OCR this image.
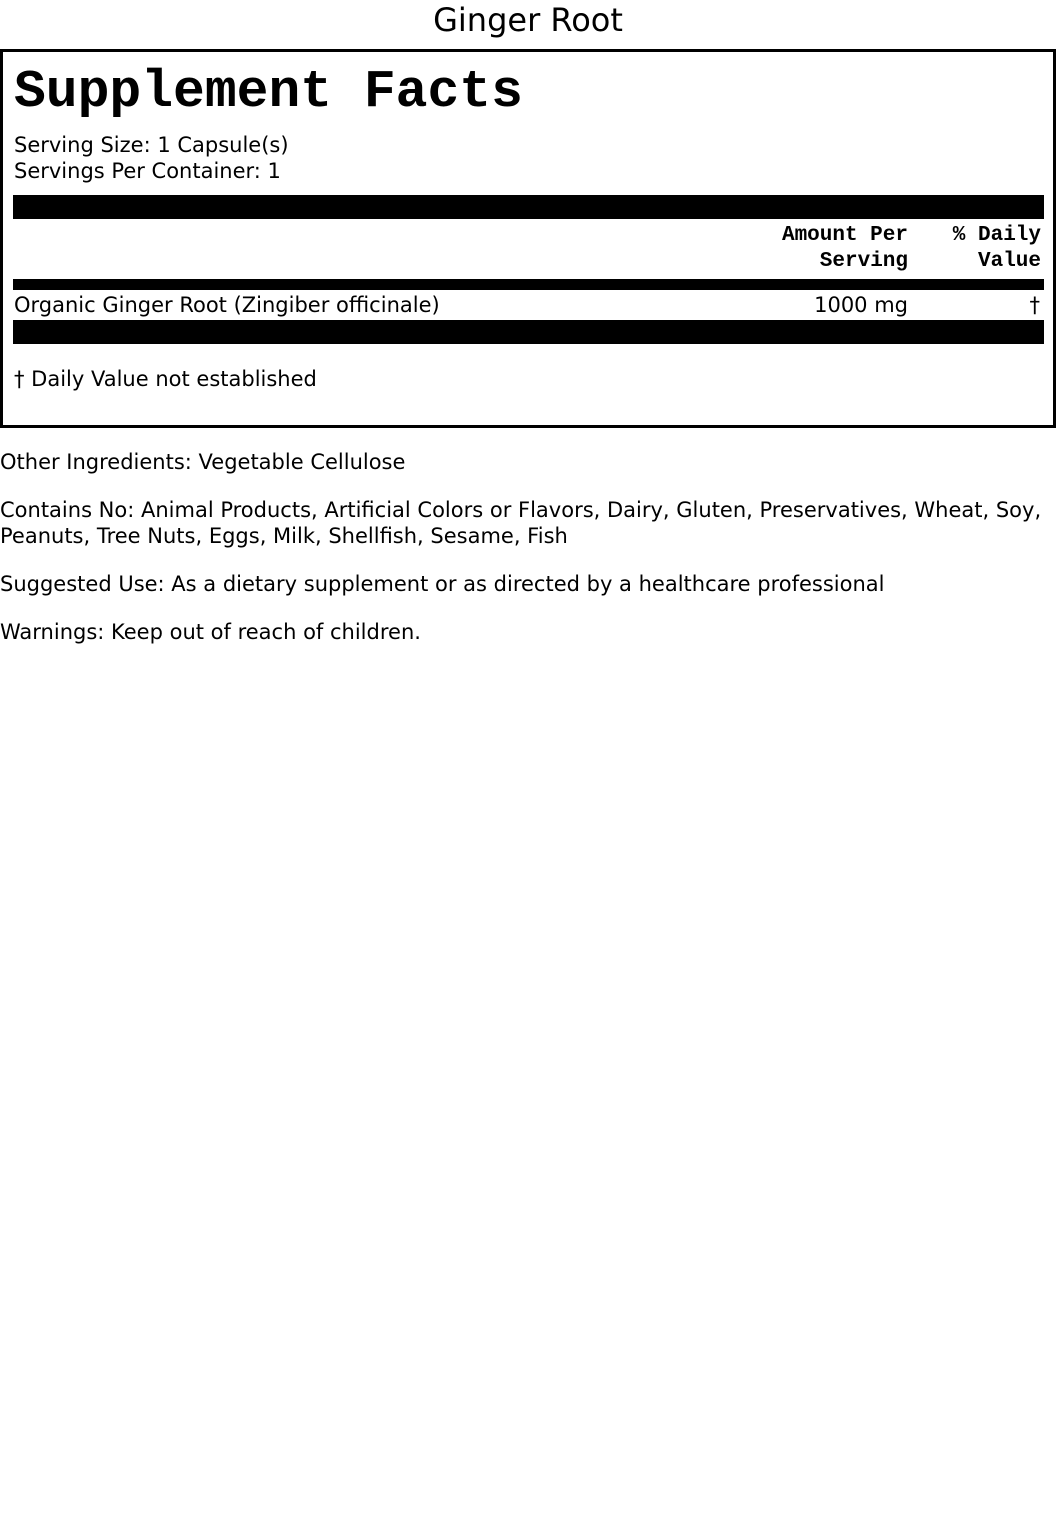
Ginger Root
Supplement Facts
Serving Size: 1 Capsule(s)
Servings Per Container: 1
Amount Per
Serving
% Daily
Value
Organic Ginger Root (Zingiber officinale)	1000 mg	†
† Daily Value not established

Other Ingredients: Vegetable Cellulose

Contains No: Animal Products, Artificial Colors or Flavors, Dairy, Gluten, Preservatives, Wheat, Soy, Peanuts, Tree Nuts, Eggs, Milk, Shellfish, Sesame, Fish

Suggested Use: As a dietary supplement or as directed by a healthcare professional

Warnings: Keep out of reach of children.
